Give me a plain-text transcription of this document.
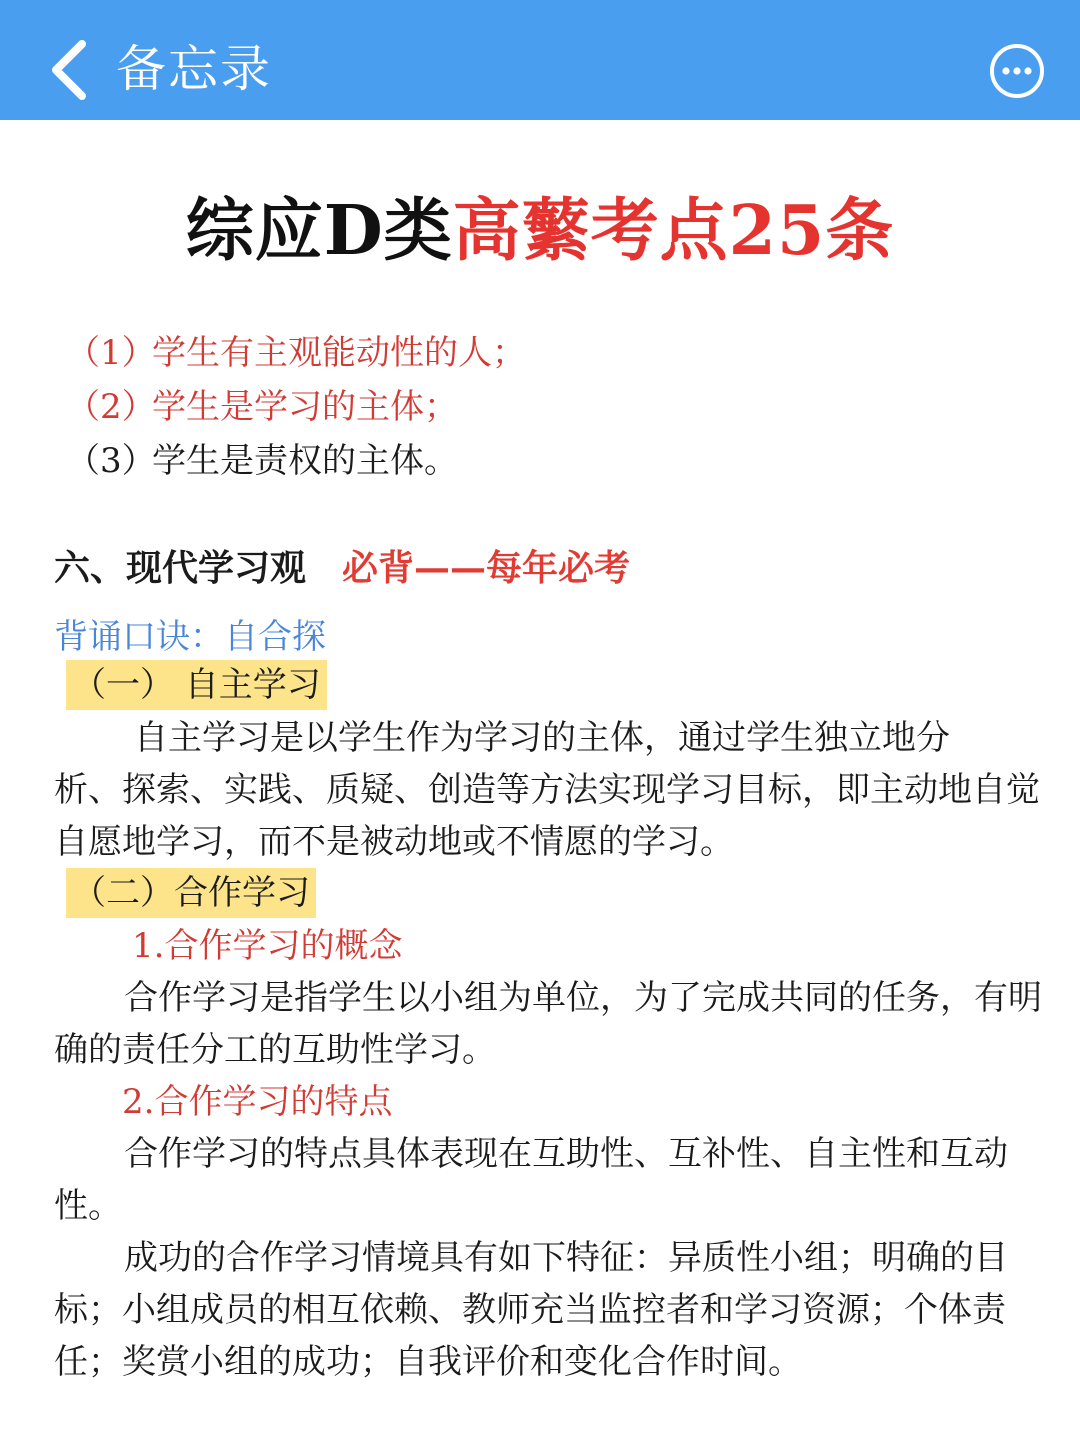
备忘录
综应D类高蘩考点25条
（1）学生有主观能动性的人；
（2）学生是学习的主体；
（3）学生是责权的主体。
六、现代学习观 必背——每年必考
背诵口诀：自合探
（一） 自主学习
自主学习是以学生作为学习的主体，通过学生独立地分
析、探索、实践、质疑、创造等方法实现学习目标，即主动地自觉自愿地学习，而不是被动地或不情愿的学习。
（二）合作学习
1.合作学习的概念
合作学习是指学生以小组为单位，为了完成共同的任务，有明确的责任分工的互助性学习。
2.合作学习的特点
合作学习的特点具体表现在互助性、互补性、自主性和互动性。
成功的合作学习情境具有如下特征：异质性小组；明确的目标；小组成员的相互依赖、教师充当监控者和学习资源；个体责任；奖赏小组的成功；自我评价和变化合作时间。
